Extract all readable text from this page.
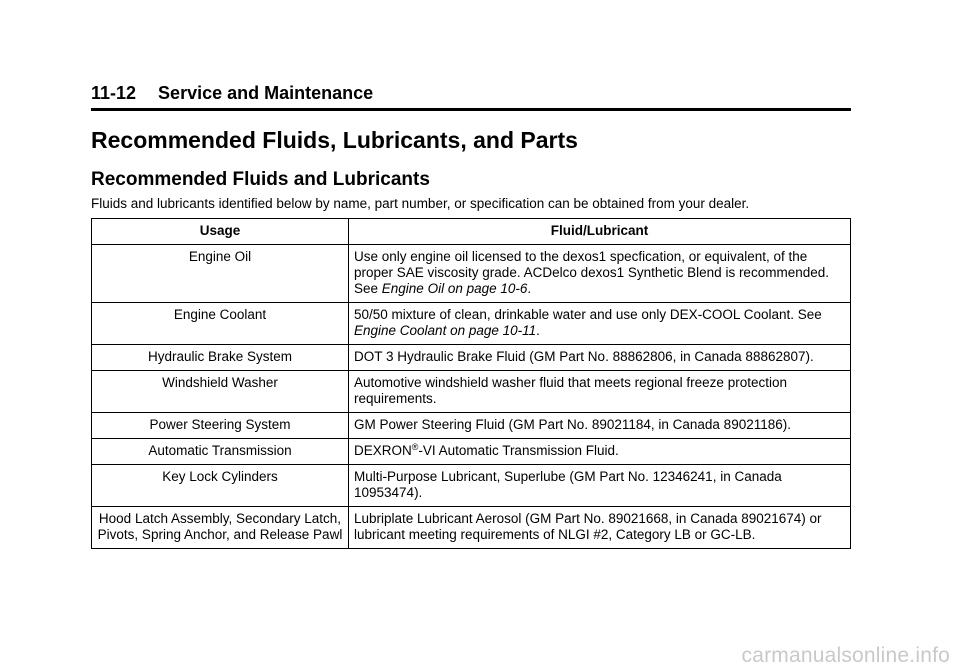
11-12 Service and Maintenance
Recommended Fluids, Lubricants, and Parts
Recommended Fluids and Lubricants

Fluids and lubricants identified below by name, part number, or specification can be obtained from your dealer.

Usage	Fluid/Lubricant
Engine Oil	Use only engine oil licensed to the dexos1 specfication, or equivalent, of the proper SAE viscosity grade. ACDelco dexos1 Synthetic Blend is recommended. See Engine Oil on page 10-6.
Engine Coolant	50/50 mixture of clean, drinkable water and use only DEX-COOL Coolant. See Engine Coolant on page 10-11.
Hydraulic Brake System	DOT 3 Hydraulic Brake Fluid (GM Part No. 88862806, in Canada 88862807).
Windshield Washer	Automotive windshield washer fluid that meets regional freeze protection requirements.
Power Steering System	GM Power Steering Fluid (GM Part No. 89021184, in Canada 89021186).
Automatic Transmission	DEXRON®-VI Automatic Transmission Fluid.
Key Lock Cylinders	Multi-Purpose Lubricant, Superlube (GM Part No. 12346241, in Canada 10953474).
Hood Latch Assembly, Secondary Latch, Pivots, Spring Anchor, and Release Pawl	Lubriplate Lubricant Aerosol (GM Part No. 89021668, in Canada 89021674) or lubricant meeting requirements of NLGI #2, Category LB or GC-LB.
carmanualsonline.info
